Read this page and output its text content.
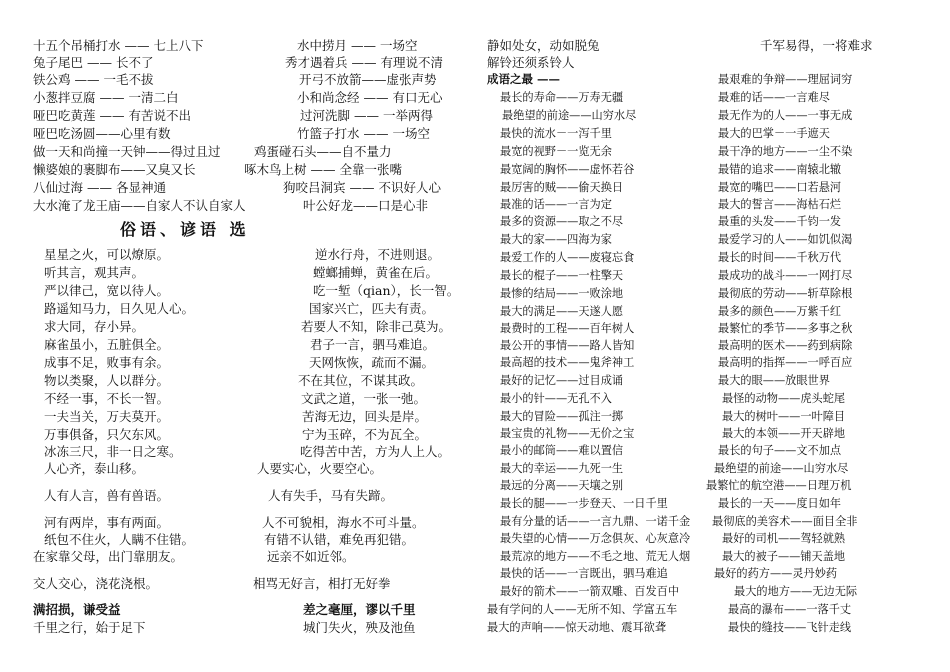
十五个吊桶打水 —— 七上八下	水中捞月 —— 一场空
兔子尾巴 —— 长不了	秀才遇着兵 —— 有理说不清
铁公鸡 —— 一毛不拔	开弓不放箭——虚张声势
小葱拌豆腐 —— 一清二白	小和尚念经 —— 有口无心
哑巴吃黄莲 —— 有苦说不出	过河洗脚 —— 一举两得
哑巴吃汤圆——心里有数	竹篮子打水 —— 一场空
做一天和尚撞一天钟——得过且过	鸡蛋碰石头——自不量力
懒婆娘的裹脚布——又臭又长	啄木鸟上树 —— 全靠一张嘴
八仙过海 —— 各显神通	狗咬吕洞宾 —— 不识好人心
大水淹了龙王庙——自家人不认自家人	叶公好龙——口是心非
俗语、谚语 选
星星之火，可以燎原。	逆水行舟，不进则退。
听其言，观其声。	螳螂捕蝉，黄雀在后。
严以律己，宽以待人。	吃一堑（qian），长一智。
路遥知马力，日久见人心。	国家兴亡，匹夫有责。
求大同，存小异。	若要人不知，除非己莫为。
麻雀虽小，五脏俱全。	君子一言，驷马难追。
成事不足，败事有余。	天网恢恢，疏而不漏。
物以类聚，人以群分。	不在其位，不谋其政。
不经一事，不长一智。	文武之道，一张一弛。
一夫当关，万夫莫开。	苦海无边，回头是岸。
万事俱备，只欠东风。	宁为玉碎，不为瓦全。
冰冻三尺，非一日之寒。	吃得苦中苦，方为人上人。
人心齐，泰山移。	人要实心，火要空心。
人有人言，兽有兽语。	人有失手，马有失蹄。
河有两岸，事有两面。	人不可貌相，海水不可斗量。
纸包不住火，人瞒不住错。	有错不认错，难免再犯错。
在家靠父母，出门靠朋友。	远亲不如近邻。
交人交心，浇花浇根。	相骂无好言，相打无好拳
满招损，谦受益	差之毫厘，谬以千里
千里之行，始于足下	城门失火，殃及池鱼
静如处女，动如脱兔	千军易得，一将难求
解铃还须系铃人
成语之最 ——
最长的寿命——万寿无疆
最绝望的前途——山穷水尽
最快的流水－一泻千里
最宽的视野－一览无余
最宽阔的胸怀——虚怀若谷
最厉害的贼——偷天换日
最准的话——一言为定
最多的资源——取之不尽
最大的家——四海为家
最爱工作的人——废寝忘食
最长的棍子——一柱擎天
最惨的结局——一败涂地
最大的满足——天遂人愿
最费时的工程——百年树人
最公开的事情——路人皆知
最高超的技术——鬼斧神工
最好的记忆——过目成诵
最小的针——无孔不入
最大的冒险——孤注一掷
最宝贵的礼物——无价之宝
最小的邮筒——难以置信
最大的幸运——九死一生
最远的分离——天壤之别
最长的腿——一步登天、一日千里
最有分量的话——一言九鼎、一诺千金
最失望的心情——万念俱灰、心灰意冷
最荒凉的地方——不毛之地、荒无人烟
最快的话——一言既出，驷马难追
最好的箭术——一箭双雕、百发百中
最有学问的人——无所不知、学富五车
最大的声响——惊天动地、震耳欲聋
最艰难的争辩——理屈词穷
最难的话——一言难尽
最无作为的人——一事无成
最大的巴掌－一手遮天
最干净的地方——一尘不染
最错的追求——南辕北辙
最宽的嘴巴——口若悬河
最大的誓言——海枯石烂
最重的头发——千钧一发
最爱学习的人——如饥似渴
最长的时间——千秋万代
最成功的战斗——一网打尽
最彻底的劳动——斩草除根
最多的颜色——万紫千红
最繁忙的季节——多事之秋
最高明的医术——药到病除
最高明的指挥——一呼百应
最大的眼——放眼世界
最怪的动物——虎头蛇尾
最大的树叶——一叶障目
最大的本领——开天辟地
最长的句子——文不加点
最绝望的前途——山穷水尽
最繁忙的航空港——日理万机
最长的一天——度日如年
最彻底的美容术——面目全非
最好的司机——驾轻就熟
最大的被子——铺天盖地
最好的药方——灵丹妙药
最大的地方——无边无际
最高的瀑布——一落千丈
最快的缝技——飞针走线
